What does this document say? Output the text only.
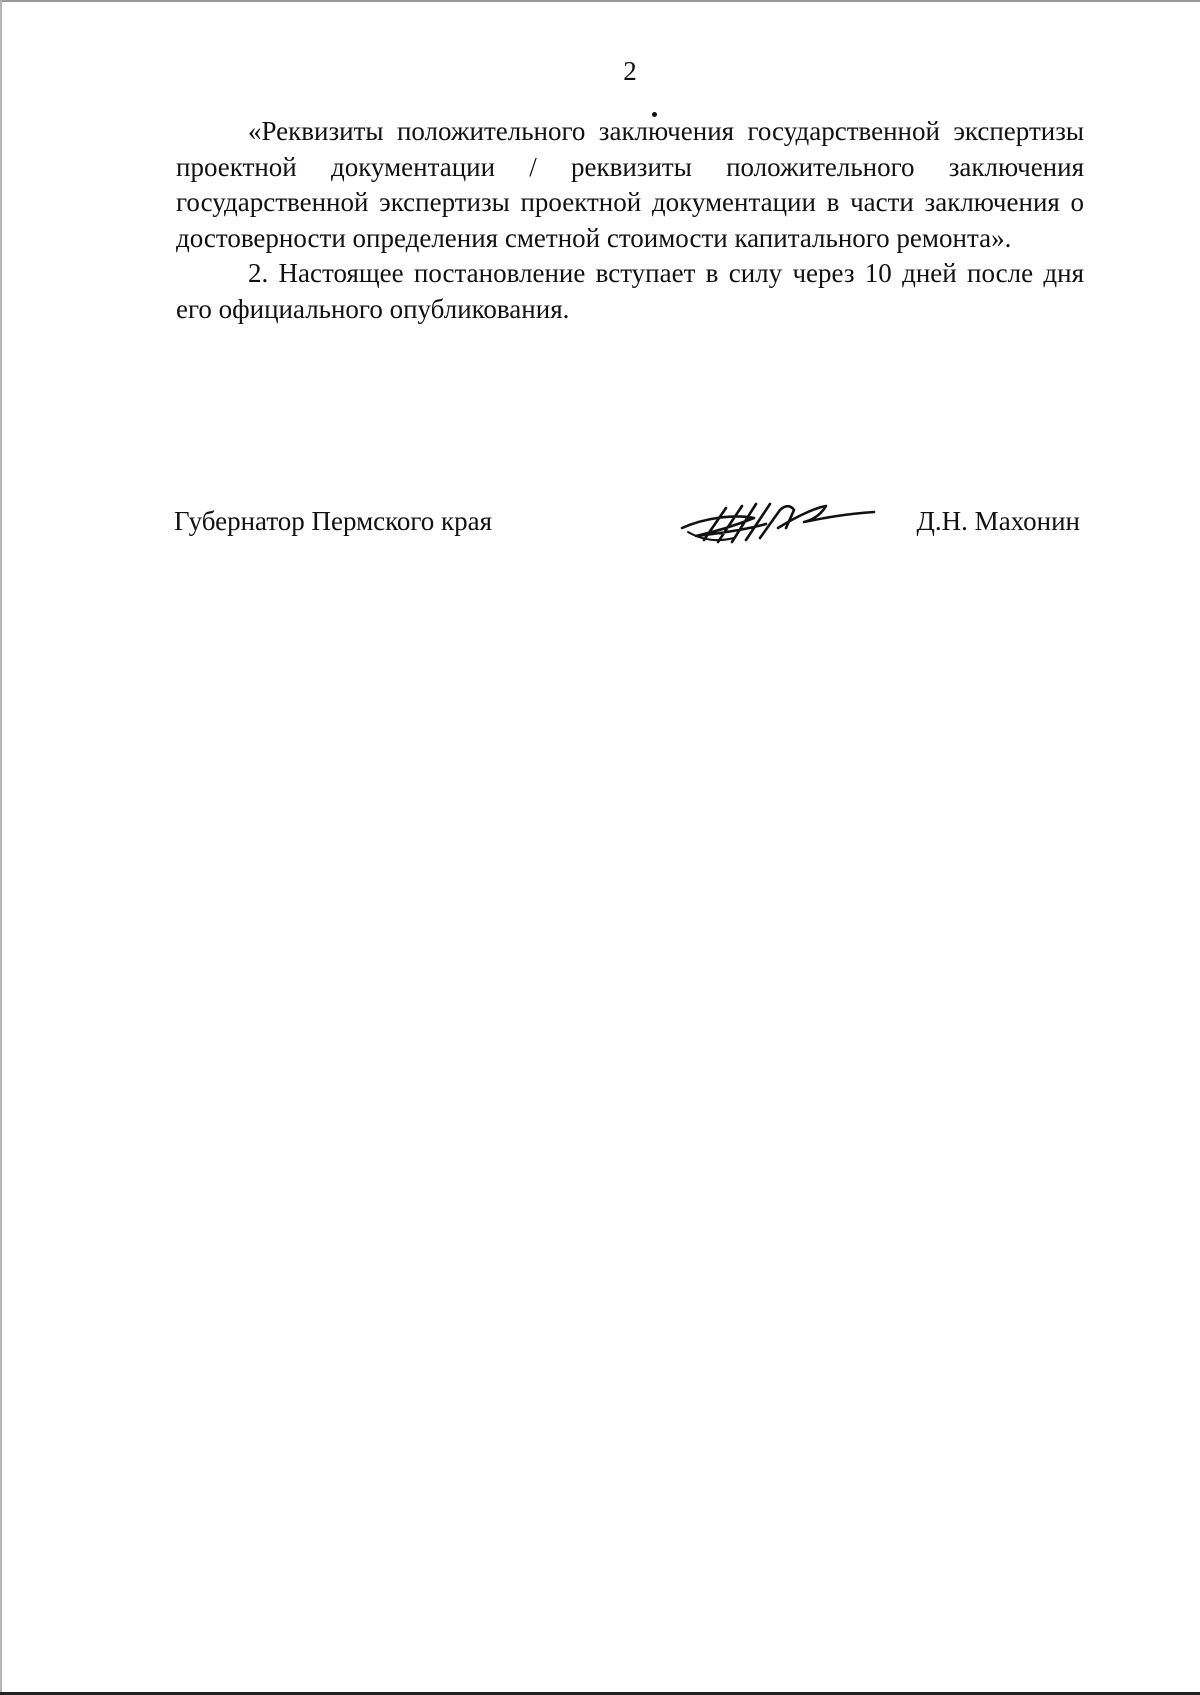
2

«Реквизиты положительного заключения государственной экспертизы проектной документации / реквизиты положительного заключения государственной экспертизы проектной документации в части заключения о достоверности определения сметной стоимости капитального ремонта».

2. Настоящее постановление вступает в силу через 10 дней после дня его официального опубликования.

Губернатор Пермского края	Д.Н. Махонин
